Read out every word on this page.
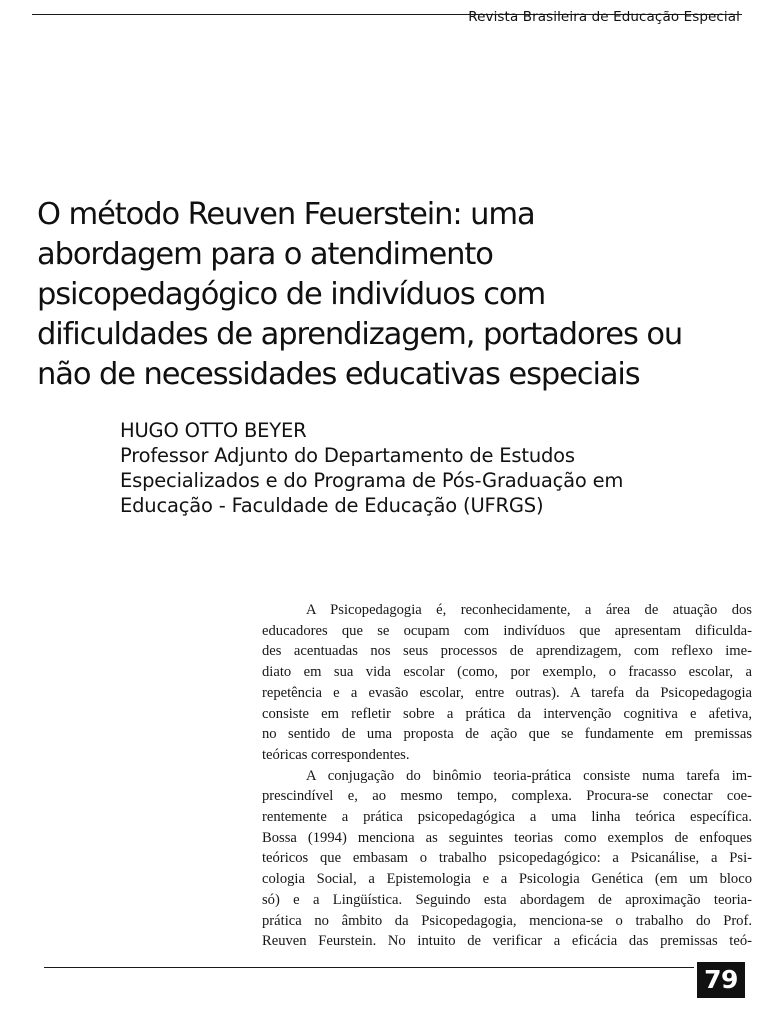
Revista Brasileira de Educação Especial
O método Reuven Feuerstein: uma
abordagem para o atendimento
psicopedagógico de indivíduos com
dificuldades de aprendizagem, portadores ou
não de necessidades educativas especiais
HUGO OTTO BEYER
Professor Adjunto do Departamento de Estudos
Especializados e do Programa de Pós-Graduação em
Educação - Faculdade de Educação (UFRGS)
A Psicopedagogia é, reconhecidamente, a área de atuação dos
educadores que se ocupam com indivíduos que apresentam dificulda-
des acentuadas nos seus processos de aprendizagem, com reflexo ime-
diato em sua vida escolar (como, por exemplo, o fracasso escolar, a
repetência e a evasão escolar, entre outras). A tarefa da Psicopedagogia
consiste em refletir sobre a prática da intervenção cognitiva e afetiva,
no sentido de uma proposta de ação que se fundamente em premissas
teóricas correspondentes.
A conjugação do binômio teoria-prática consiste numa tarefa im-
prescindível e, ao mesmo tempo, complexa. Procura-se conectar coe-
rentemente a prática psicopedagógica a uma linha teórica específica.
Bossa (1994) menciona as seguintes teorias como exemplos de enfoques
teóricos que embasam o trabalho psicopedagógico: a Psicanálise, a Psi-
cologia Social, a Epistemologia e a Psicologia Genética (em um bloco
só) e a Lingüística. Seguindo esta abordagem de aproximação teoria-
prática no âmbito da Psicopedagogia, menciona-se o trabalho do Prof.
Reuven Feurstein. No intuito de verificar a eficácia das premissas teó-
79
